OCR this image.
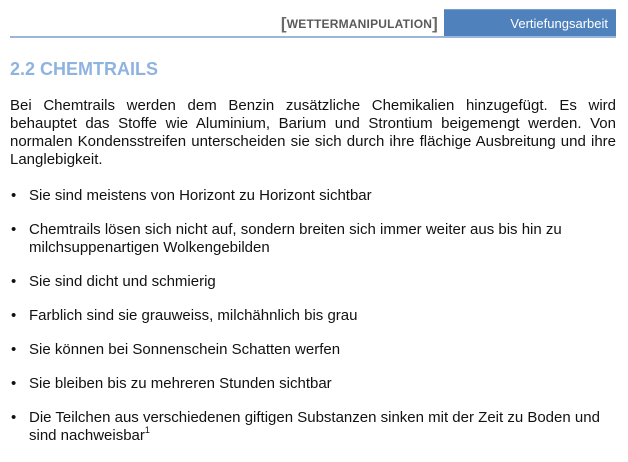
[WETTERMANIPULATION]	Vertiefungsarbeit
2.2 CHEMTRAILS

Bei Chemtrails werden dem Benzin zusätzliche Chemikalien hinzugefügt. Es wird behauptet das Stoffe wie Aluminium, Barium und Strontium beigemengt werden. Von normalen Kondensstreifen unterscheiden sie sich durch ihre flächige Ausbreitung und ihre Langlebigkeit.

• Sie sind meistens von Horizont zu Horizont sichtbar
• Chemtrails lösen sich nicht auf, sondern breiten sich immer weiter aus bis hin zu milchsuppenartigen Wolkengebilden
• Sie sind dicht und schmierig
• Farblich sind sie grauweiss, milchähnlich bis grau
• Sie können bei Sonnenschein Schatten werfen
• Sie bleiben bis zu mehreren Stunden sichtbar
• Die Teilchen aus verschiedenen giftigen Substanzen sinken mit der Zeit zu Boden und sind nachweisbar$^1$
